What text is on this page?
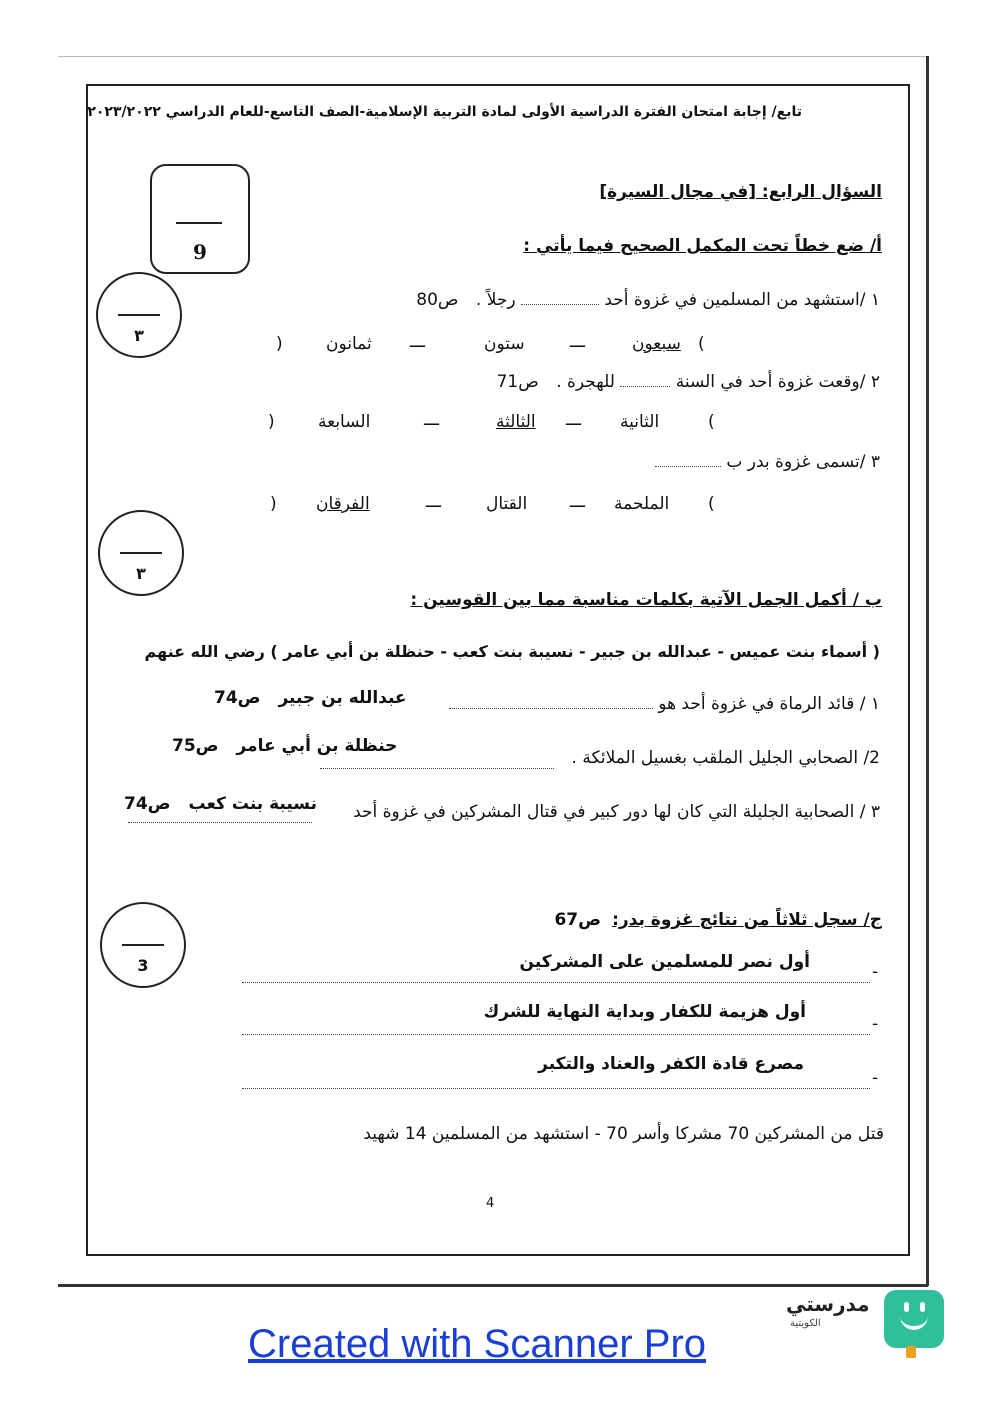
تابع/ إجابة امتحان الفترة الدراسية الأولى لمادة التربية الإسلامية-الصف التاسع-للعام الدراسي ٢٠٢٣/٢٠٢٢
السؤال الرابع: [في مجال السيرة]
9	أ/ ضع خطاً تحت المكمل الصحيح فيما يأتي :
٣
١ /استشهد من المسلمين في غزوة أحد  رجلاً . ص80
(
سبعون
ـــ
ستون
ـــ
ثمانون
)
٢ /وقعت غزوة أحد في السنة  للهجرة . ص71
(
الثانية
ـــ
الثالثة
ـــ
السابعة
)
٣ /تسمى غزوة بدر ب
(
الملحمة
ـــ
القتال
ـــ
الفرقان
)
٣
ب / أكمل الجمل الآتية بكلمات مناسبة مما بين القوسين :
( أسماء بنت عميس - عبدالله بن جبير - نسيبة بنت كعب - حنظلة بن أبي عامر ) رضي الله عنهم
١ / قائد الرماة في غزوة أحد هو
عبدالله بن جبير ص74
2/ الصحابي الجليل الملقب بغسيل الملائكة .
حنظلة بن أبي عامر ص75
٣ / الصحابية الجليلة التي كان لها دور كبير في قتال المشركين في غزوة أحد
نسيبة بنت كعب ص74
ج/ سجل ثلاثاً من نتائج غزوة بدر: ص67
3	-
أول نصر للمسلمين على المشركين
-
أول هزيمة للكفار وبداية النهاية للشرك
-
مصرع قادة الكفر والعناد والتكبر
قتل من المشركين 70 مشركا وأسر 70 - استشهد من المسلمين 14 شهيد
4
Created with Scanner Pro
مدرستي
الكويتية
